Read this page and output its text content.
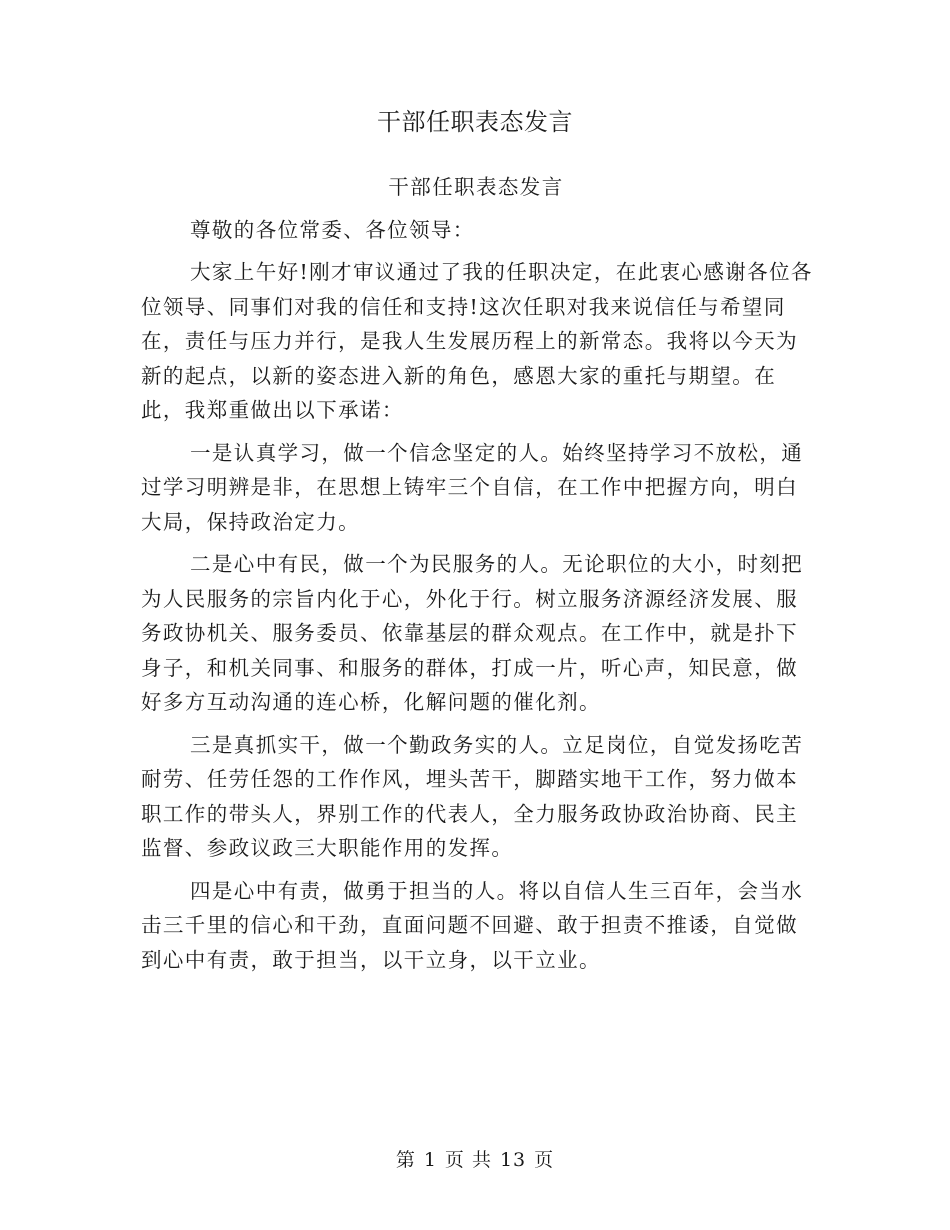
干部任职表态发言

干部任职表态发言

尊敬的各位常委、各位领导：

大家上午好!刚才审议通过了我的任职决定，在此衷心感谢各位各

位领导、同事们对我的信任和支持!这次任职对我来说信任与希望同

在，责任与压力并行，是我人生发展历程上的新常态。我将以今天为

新的起点，以新的姿态进入新的角色，感恩大家的重托与期望。在

此，我郑重做出以下承诺：

一是认真学习，做一个信念坚定的人。始终坚持学习不放松，通

过学习明辨是非，在思想上铸牢三个自信，在工作中把握方向，明白

大局，保持政治定力。

二是心中有民，做一个为民服务的人。无论职位的大小，时刻把

为人民服务的宗旨内化于心，外化于行。树立服务济源经济发展、服

务政协机关、服务委员、依靠基层的群众观点。在工作中，就是扑下

身子，和机关同事、和服务的群体，打成一片，听心声，知民意，做

好多方互动沟通的连心桥，化解问题的催化剂。

三是真抓实干，做一个勤政务实的人。立足岗位，自觉发扬吃苦

耐劳、任劳任怨的工作作风，埋头苦干，脚踏实地干工作，努力做本

职工作的带头人，界别工作的代表人，全力服务政协政治协商、民主

监督、参政议政三大职能作用的发挥。

四是心中有责，做勇于担当的人。将以自信人生三百年，会当水

击三千里的信心和干劲，直面问题不回避、敢于担责不推诿，自觉做

到心中有责，敢于担当，以干立身，以干立业。

第 1 页 共 13 页
